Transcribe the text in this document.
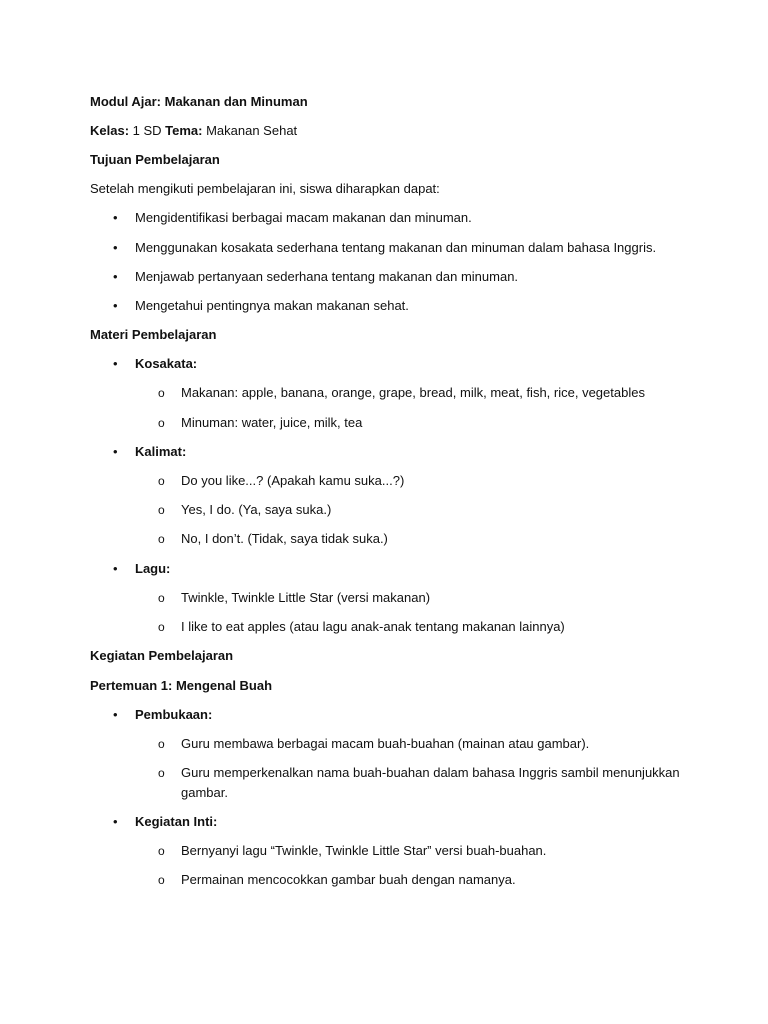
Modul Ajar: Makanan dan Minuman
Kelas: 1 SD Tema: Makanan Sehat
Tujuan Pembelajaran
Setelah mengikuti pembelajaran ini, siswa diharapkan dapat:
•	Mengidentifikasi berbagai macam makanan dan minuman.
•	Menggunakan kosakata sederhana tentang makanan dan minuman dalam bahasa Inggris.
•	Menjawab pertanyaan sederhana tentang makanan dan minuman.
•	Mengetahui pentingnya makan makanan sehat.
Materi Pembelajaran
•	Kosakata:
o Makanan: apple, banana, orange, grape, bread, milk, meat, fish, rice, vegetables
o Minuman: water, juice, milk, tea
•	Kalimat:
o Do you like...? (Apakah kamu suka...?)
o Yes, I do. (Ya, saya suka.)
o No, I don’t. (Tidak, saya tidak suka.)
•	Lagu:
o Twinkle, Twinkle Little Star (versi makanan)
o I like to eat apples (atau lagu anak-anak tentang makanan lainnya)
Kegiatan Pembelajaran
Pertemuan 1: Mengenal Buah
•	Pembukaan:
o Guru membawa berbagai macam buah-buahan (mainan atau gambar).
o Guru memperkenalkan nama buah-buahan dalam bahasa Inggris sambil menunjukkan gambar.
•	Kegiatan Inti:
o Bernyanyi lagu “Twinkle, Twinkle Little Star” versi buah-buahan.
o Permainan mencocokkan gambar buah dengan namanya.
